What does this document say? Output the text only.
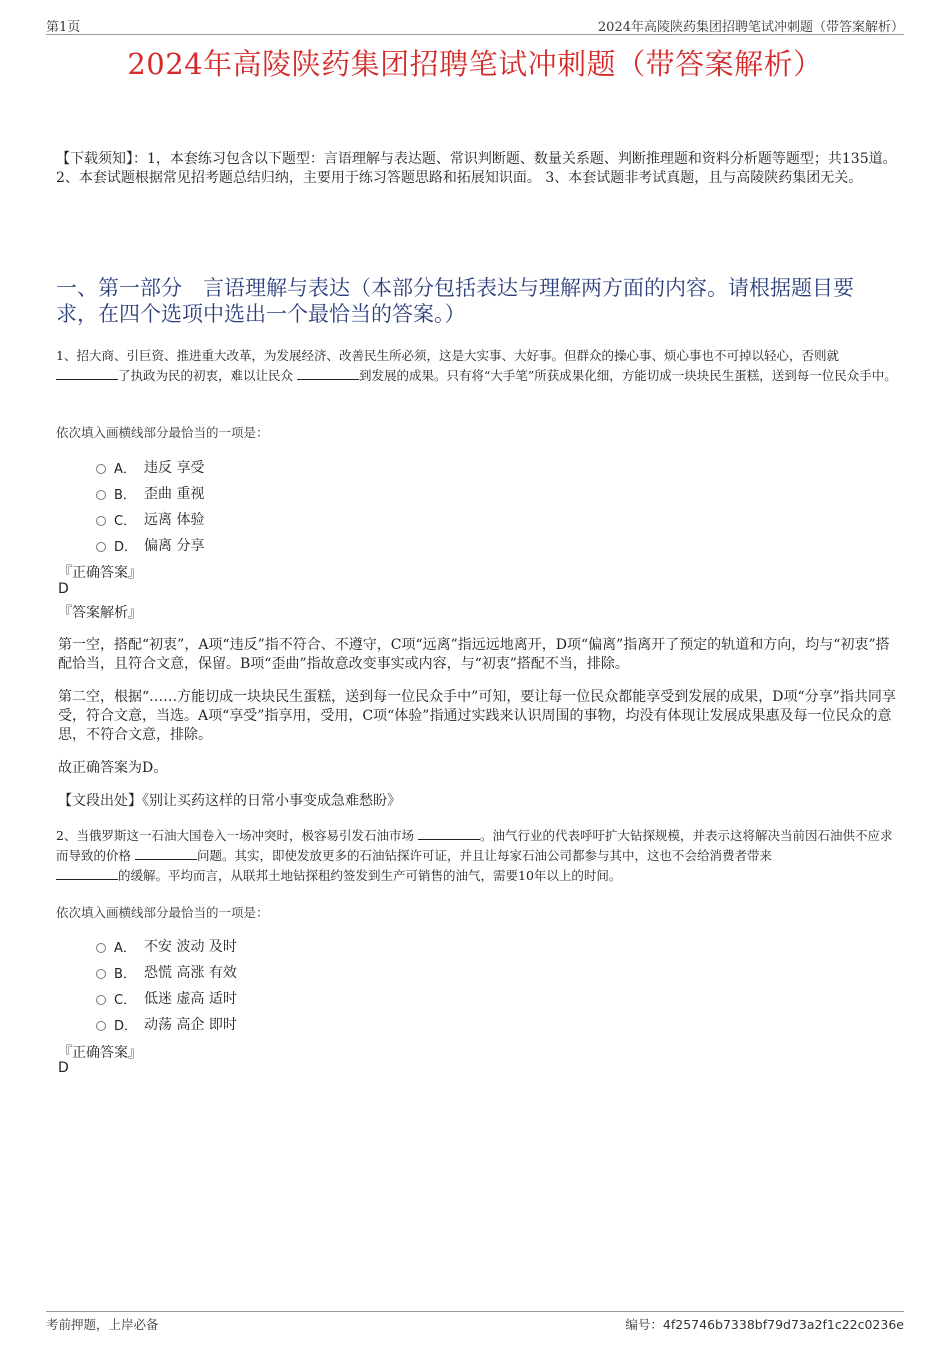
第1页	2024年高陵陕药集团招聘笔试冲刺题（带答案解析）
2024年高陵陕药集团招聘笔试冲刺题（带答案解析）
【下载须知】：1，本套练习包含以下题型：言语理解与表达题、常识判断题、数量关系题、判断推理题和资料分析题等题型；共135道。 2、本套试题根据常见招考题总结归纳，主要用于练习答题思路和拓展知识面。 3、本套试题非考试真题，且与高陵陕药集团无关。
一、第一部分　言语理解与表达（本部分包括表达与理解两方面的内容。请根据题目要求，在四个选项中选出一个最恰当的答案。）
1、招大商、引巨资、推进重大改革，为发展经济、改善民生所必须，这是大实事、大好事。但群众的操心事、烦心事也不可掉以轻心，否则就
了执政为民的初衷，难以让民众	到发展的成果。只有将“大手笔”所获成果化细，方能切成一块块民生蛋糕，送到每一位民众手中。
依次填入画横线部分最恰当的一项是：
A． 违反 享受
B． 歪曲 重视
C． 远离 体验
D． 偏离 分享
『正确答案』
D
『答案解析』
第一空，搭配“初衷”，A项“违反”指不符合、不遵守，C项“远离”指远远地离开，D项“偏离”指离开了预定的轨道和方向，均与“初衷”搭配恰当，且符合文意，保留。B项“歪曲”指故意改变事实或内容，与“初衷”搭配不当，排除。
第二空，根据“……方能切成一块块民生蛋糕，送到每一位民众手中”可知，要让每一位民众都能享受到发展的成果，D项“分享”指共同享受，符合文意，当选。A项“享受”指享用，受用，C项“体验”指通过实践来认识周围的事物，均没有体现让发展成果惠及每一位民众的意思，不符合文意，排除。
故正确答案为D。
【文段出处】《别让买药这样的日常小事变成急难愁盼》
2、当俄罗斯这一石油大国卷入一场冲突时，极容易引发石油市场	。油气行业的代表呼吁扩大钻探规模，并表示这将解决当前因石油供不应求而导致的价格	问题。其实，即使发放更多的石油钻探许可证，并且让每家石油公司都参与其中，这也不会给消费者带来
的缓解。平均而言，从联邦土地钻探租约签发到生产可销售的油气，需要10年以上的时间。
依次填入画横线部分最恰当的一项是：
A． 不安 波动 及时
B． 恐慌 高涨 有效
C． 低迷 虚高 适时
D． 动荡 高企 即时
『正确答案』
D
考前押题，上岸必备	编号：4f25746b7338bf79d73a2f1c22c0236e
